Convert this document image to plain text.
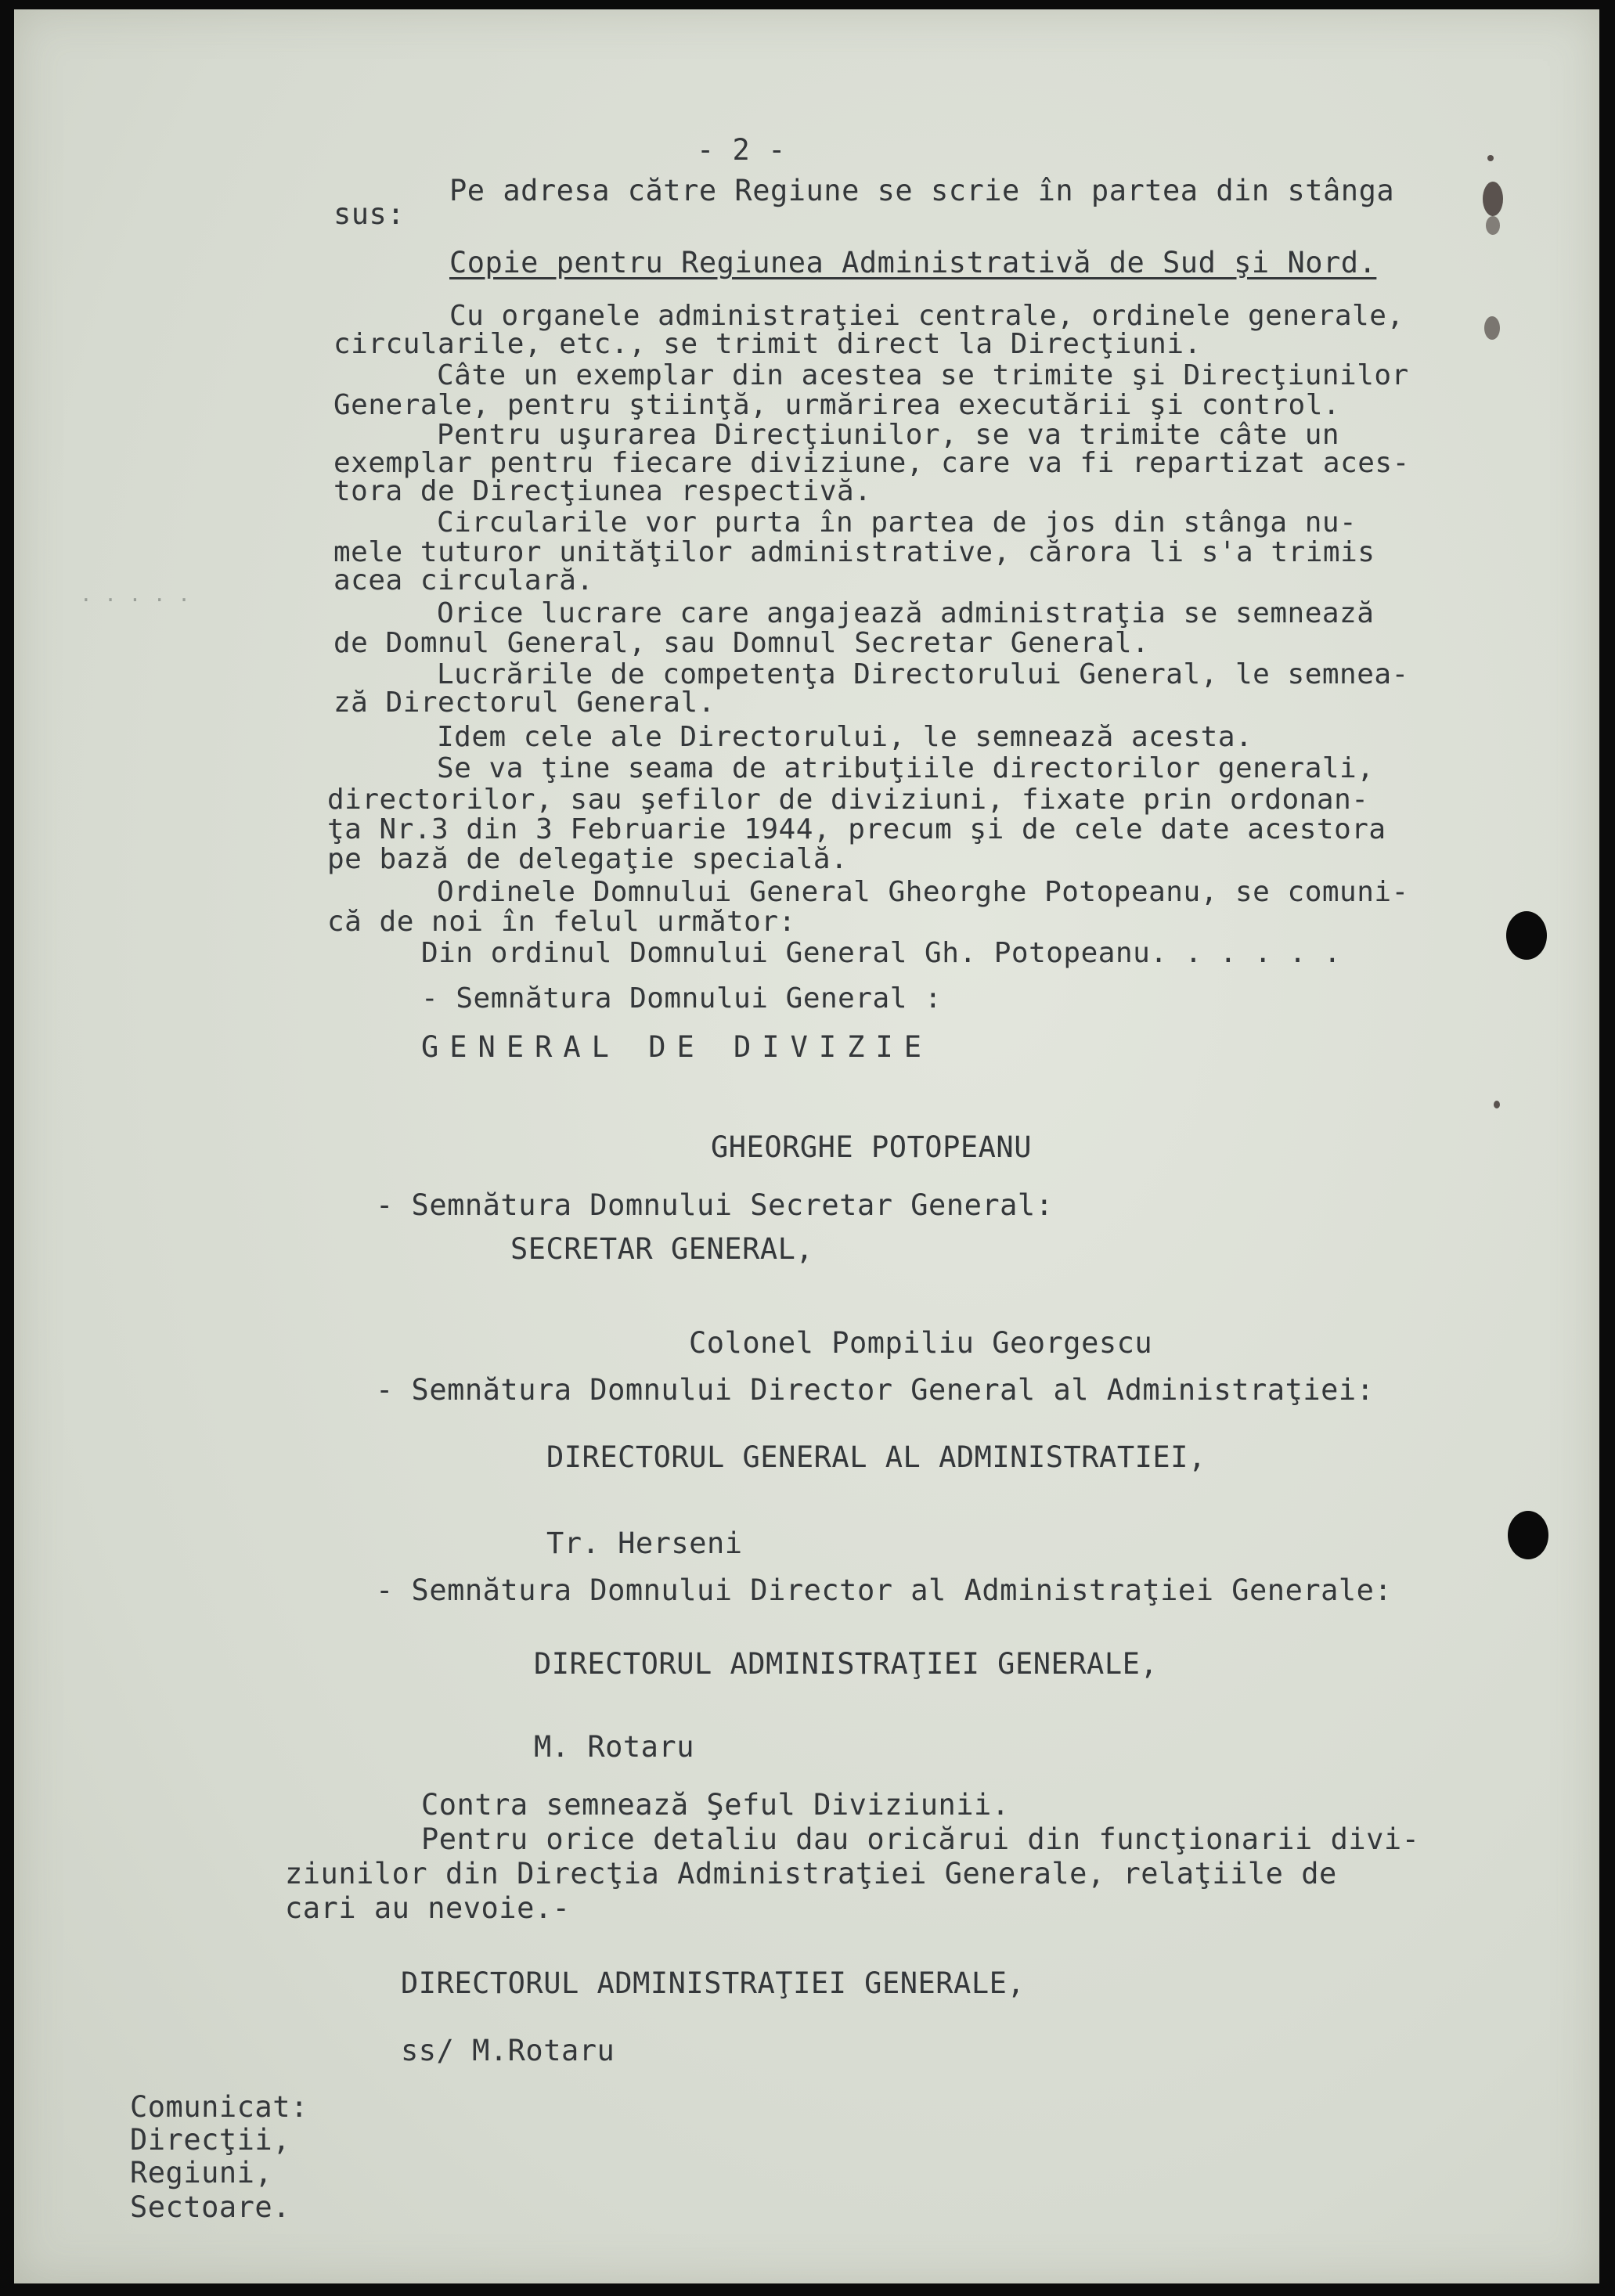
- 2 -
Pe adresa către Regiune se scrie în partea din stânga
sus:
Copie pentru Regiunea Administrativă de Sud şi Nord.
Cu organele administraţiei centrale, ordinele generale,
circularile, etc., se trimit direct la Direcţiuni.
Câte un exemplar din acestea se trimite şi Direcţiunilor
Generale, pentru ştiinţă, urmărirea executării şi control.
Pentru uşurarea Direcţiunilor, se va trimite câte un
exemplar pentru fiecare diviziune, care va fi repartizat aces-
tora de Direcţiunea respectivă.
Circularile vor purta în partea de jos din stânga nu-
mele tuturor unităţilor administrative, cărora li s'a trimis
acea circulară.
Orice lucrare care angajează administraţia se semnează
de Domnul General, sau Domnul Secretar General.
Lucrările de competenţa Directorului General, le semnea-
ză Directorul General.
Idem cele ale Directorului, le semnează acesta.
Se va ţine seama de atribuţiile directorilor generali,
directorilor, sau şefilor de diviziuni, fixate prin ordonan-
ţa Nr.3 din 3 Februarie 1944, precum şi de cele date acestora
pe bază de delegaţie specială.
Ordinele Domnului General Gheorghe Potopeanu, se comuni-
că de noi în felul următor:
Din ordinul Domnului General Gh. Potopeanu. . . . . .
- Semnătura Domnului General :
GENERAL DE DIVIZIE
GHEORGHE POTOPEANU
- Semnătura Domnului Secretar General:
SECRETAR GENERAL,
Colonel Pompiliu Georgescu
- Semnătura Domnului Director General al Administraţiei:
DIRECTORUL GENERAL AL ADMINISTRATIEI,
Tr. Herseni
- Semnătura Domnului Director al Administraţiei Generale:
DIRECTORUL ADMINISTRAŢIEI GENERALE,
M. Rotaru
Contra semnează Şeful Diviziunii.
Pentru orice detaliu dau oricărui din funcţionarii divi-
ziunilor din Direcţia Administraţiei Generale, relaţiile de
cari au nevoie.-
DIRECTORUL ADMINISTRAŢIEI GENERALE,
ss/ M.Rotaru
Comunicat:
Direcţii,
Regiuni,
Sectoare.
· · · · ·
